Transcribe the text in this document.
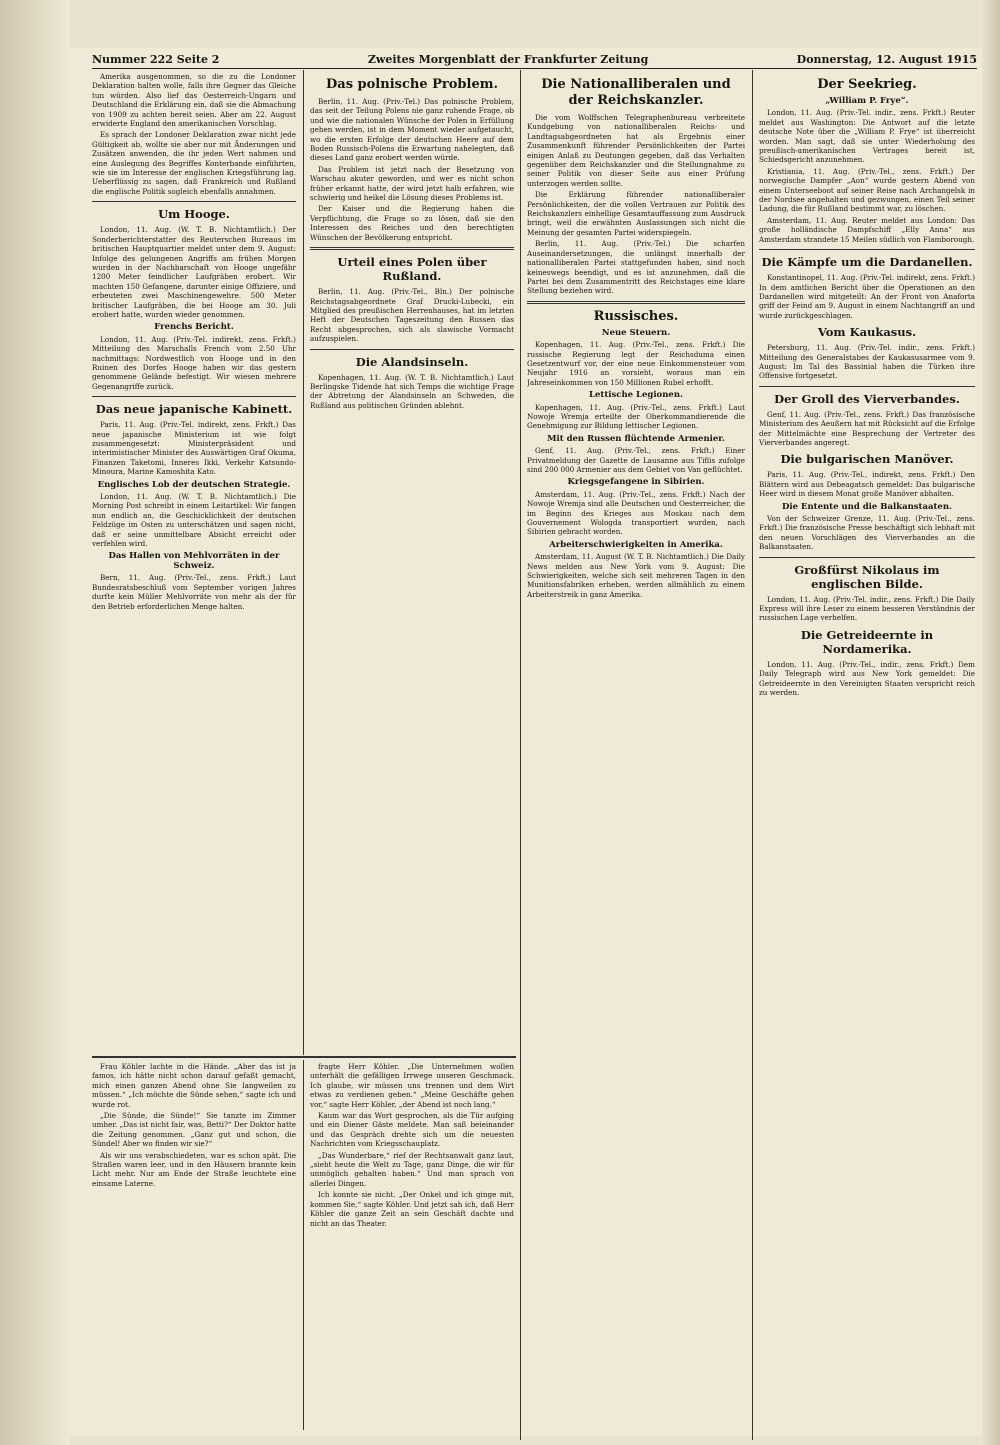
Nummer 222 Seite 2	Zweites Morgenblatt der Frankfurter Zeitung	Donnerstag, 12. August 1915

Amerika ausgenommen, so die zu die Londoner Deklaration halten wolle, falls ihre Gegner das Gleiche tun würden. Also lief das Oesterreich-Ungarn und Deutschland die Erklärung ein, daß sie die Abmachung von 1909 zu achten bereit seien. Aber am 22. August erwiderte England den amerikanischen Vorschlag.

Es sprach der Londoner Deklaration zwar nicht jede Gültigkeit ab, wollte sie aber nur mit Änderungen und Zusätzen anwenden, die ihr jeden Wert nahmen und eine Auslegung des Begriffes Konterbande einführten, wie sie im Interesse der englischen Kriegsführung lag. Ueberflüssig zu sagen, daß Frankreich und Rußland die englische Politik sogleich ebenfalls annahmen.

Um Hooge.

London, 11. Aug. (W. T. B. Nichtamtlich.) Der Sonderberichterstatter des Reuterschen Bureaus im britischen Hauptquartier meldet unter dem 9. August: Infolge des gelungenen Angriffs am frühen Morgen wurden in der Nachbarschaft von Hooge ungefähr 1200 Meter feindlicher Laufgräben erobert. Wir machten 150 Gefangene, darunter einige Offiziere, und erbeuteten zwei Maschinengewehre. 500 Meter britischer Laufgräben, die bei Hooge am 30. Juli erobert hatte, wurden wieder genommen.

Frenchs Bericht.

London, 11. Aug. (Priv.-Tel. indirekt, zens. Frkft.) Mitteilung des Marschalls French vom 2.50 Uhr nachmittags: Nordwestlich von Hooge und in den Ruinen des Dorfes Hooge haben wir das gestern genommene Gelände befestigt. Wir wiesen mehrere Gegenangriffe zurück.

Das neue japanische Kabinett.

Paris, 11. Aug. (Priv.-Tel. indirekt, zens. Frkft.) Das neue japanische Ministerium ist wie folgt zusammengesetzt: Ministerpräsident und interimistischer Minister des Auswärtigen Graf Okuma, Finanzen Taketomi, Inneres Ikki, Verkehr Katsundo-Minoura, Marine Kamoshita Kato.

Englisches Lob der deutschen Strategie.

London, 11. Aug. (W. T. B. Nichtamtlich.) Die Morning Post schreibt in einem Leitartikel: Wir fangen nun endlich an, die Geschicklichkeit der deutschen Feldzüge im Osten zu unterschätzen und sagen nicht, daß er seine unmittelbare Absicht erreicht oder verfehlen wird.

Das Hallen von Mehlvorräten in der Schweiz.

Bern, 11. Aug. (Priv.-Tel., zens. Frkft.) Laut Bundesratsbeschluß vom September vorigen Jahres durfte kein Müller Mehlvorräte von mehr als der für den Betrieb erforderlichen Menge halten.

Das polnische Problem.

Berlin, 11. Aug. (Priv.-Tel.) Das polnische Problem, das seit der Teilung Polens nie ganz ruhende Frage, ob und wie die nationalen Wünsche der Polen in Erfüllung gehen werden, ist in dem Moment wieder aufgetaucht, wo die ersten Erfolge der deutschen Heere auf dem Boden Russisch-Polens die Erwartung nahelegten, daß dieses Land ganz erobert werden würde.

Das Problem ist jetzt nach der Besetzung von Warschau akuter geworden, und wer es nicht schon früher erkannt hatte, der wird jetzt halb erfahren, wie schwierig und heikel die Lösung dieses Problems ist.

Der Kaiser und die Regierung haben die Verpflichtung, die Frage so zu lösen, daß sie den Interessen des Reiches und den berechtigten Wünschen der Bevölkerung entspricht.

Urteil eines Polen über Rußland.

Berlin, 11. Aug. (Priv.-Tel., Bln.) Der polnische Reichstagsabgeordnete Graf Drucki-Lubecki, ein Mitglied des preußischen Herrenhauses, hat im letzten Heft der Deutschen Tageszeitung den Russen das Recht abgesprochen, sich als slawische Vormacht aufzuspielen.

Die Alandsinseln.

Kopenhagen, 11. Aug. (W. T. B. Nichtamtlich.) Laut Berlingske Tidende hat sich Temps die wichtige Frage der Abtretung der Alandsinseln an Schweden, die Rußland aus politischen Gründen ablehnt.

Die Nationalliberalen und der Reichskanzler.

Die vom Wolffschen Telegraphenbureau verbreitete Kundgebung von nationalliberalen Reichs- und Landtagsabgeordneten hat als Ergebnis einer Zusammenkunft führender Persönlichkeiten der Partei einigen Anlaß zu Deutungen gegeben, daß das Verhalten gegenüber dem Reichskanzler und die Stellungnahme zu seiner Politik von dieser Seite aus einer Prüfung unterzogen werden sollte.

Die Erklärung führender nationalliberaler Persönlichkeiten, der die vollen Vertrauen zur Politik des Reichskanzlers einhellige Gesamtauffassung zum Ausdruck bringt, weil die erwähnten Auslassungen sich nicht die Meinung der gesamten Partei widerspiegeln.

Berlin, 11. Aug. (Priv.-Tel.) Die scharfen Auseinandersetzungen, die unlängst innerhalb der nationalliberalen Partei stattgefunden haben, sind noch keineswegs beendigt, und es ist anzunehmen, daß die Partei bei dem Zusammentritt des Reichstages eine klare Stellung beziehen wird.

Russisches.
Neue Steuern.

Kopenhagen, 11. Aug. (Priv.-Tel., zens. Frkft.) Die russische Regierung legt der Reichsduma einen Gesetzentwurf vor, der eine neue Einkommensteuer vom Neujahr 1916 an vorsieht, woraus man ein Jahreseinkommen von 150 Millionen Rubel erhofft.

Lettische Legionen.

Kopenhagen, 11. Aug. (Priv.-Tel., zens. Frkft.) Laut Nowoje Wremja erteilte der Oberkommandierende die Genehmigung zur Bildung lettischer Legionen.

Mit den Russen flüchtende Armenier.

Genf, 11. Aug. (Priv.-Tel., zens. Frkft.) Einer Privatmeldung der Gazette de Lausanne aus Tiflis zufolge sind 200 000 Armenier aus dem Gebiet von Van geflüchtet.

Kriegsgefangene in Sibirien.

Amsterdam, 11. Aug. (Priv.-Tel., zens. Frkft.) Nach der Nowoje Wremja sind alle Deutschen und Oesterreicher, die im Beginn des Krieges aus Moskau nach dem Gouvernement Wologda transportiert wurden, nach Sibirien gebracht worden.

Arbeiterschwierigkeiten in Amerika.

Amsterdam, 11. August (W. T. B. Nichtamtlich.) Die Daily News melden aus New York vom 9. August: Die Schwierigkeiten, welche sich seit mehreren Tagen in den Munitionsfabriken erheben, werden allmählich zu einem Arbeiterstreik in ganz Amerika.

Der Seekrieg.
„William P. Frye“.

London, 11. Aug. (Priv.-Tel. indir., zens. Frkft.) Reuter meldet aus Washington: Die Antwort auf die letzte deutsche Note über die „William P. Frye“ ist überreicht worden. Man sagt, daß sie unter Wiederholung des preußisch-amerikanischen Vertrages bereit ist, Schiedsgericht anzunehmen.

Kristiania, 11. Aug. (Priv.-Tel., zens. Frkft.) Der norwegische Dampfer „Aon“ wurde gestern Abend von einem Unterseeboot auf seiner Reise nach Archangelsk in der Nordsee angehalten und gezwungen, einen Teil seiner Ladung, die für Rußland bestimmt war, zu löschen.

Amsterdam, 11. Aug. Reuter meldet aus London: Das große holländische Dampfschiff „Elly Anna“ aus Amsterdam strandete 15 Meilen südlich von Flamborough.

Die Kämpfe um die Dardanellen.

Konstantinopel, 11. Aug. (Priv.-Tel. indirekt, zens. Frkft.) In dem amtlichen Bericht über die Operationen an den Dardanellen wird mitgeteilt: An der Front von Anaforta griff der Feind am 9. August in einem Nachtangriff an und wurde zurückgeschlagen.

Vom Kaukasus.

Petersburg, 11. Aug. (Priv.-Tel. indir., zens. Frkft.) Mitteilung des Generalstabes der Kaukasusarmee vom 9. August: Im Tal des Bassinial haben die Türken ihre Offensive fortgesetzt.

Der Groll des Vierverbandes.

Genf, 11. Aug. (Priv.-Tel., zens. Frkft.) Das französische Ministerium des Aeußern hat mit Rücksicht auf die Erfolge der Mittelmächte eine Besprechung der Vertreter des Vierverbandes angeregt.

Die bulgarischen Manöver.

Paris, 11. Aug. (Priv.-Tel., indirekt, zens. Frkft.) Den Blättern wird aus Debeagatsch gemeldet: Das bulgarische Heer wird in diesem Monat große Manöver abhalten.

Die Entente und die Balkanstaaten.

Von der Schweizer Grenze, 11. Aug. (Priv.-Tel., zens. Frkft.) Die französische Presse beschäftigt sich lebhaft mit den neuen Vorschlägen des Vierverbandes an die Balkanstaaten.

Großfürst Nikolaus im englischen Bilde.

London, 11. Aug. (Priv.-Tel. indir., zens. Frkft.) Die Daily Express will ihre Leser zu einem besseren Verständnis der russischen Lage verhelfen.

Die Getreideernte in Nordamerika.

London, 11. Aug. (Priv.-Tel., indir., zens. Frkft.) Dem Daily Telegraph wird aus New York gemeldet: Die Getreideernte in den Vereinigten Staaten verspricht reich zu werden.

Frau Köhler lachte in die Hände. „Aber das ist ja famos, ich hätte nicht schon darauf gefaßt gemacht, mich einen ganzen Abend ohne Sie langweilen zu müssen.“ „Ich möchte die Sünde sehen,“ sagte ich und wurde rot.

„Die Sünde, die Sünde!“ Sie tanzte im Zimmer umher. „Das ist nicht fair, was, Betti?“ Der Doktor hatte die Zeitung genommen. „Ganz gut und schon, die Sündel! Aber wo finden wir sie?“

Als wir uns verabschiedeten, war es schon spät. Die Straßen waren leer, und in den Häusern brannte kein Licht mehr. Nur am Ende der Straße leuchtete eine einsame Laterne.

fragte Herr Köhler. „Die Unternehmen wollen unterhält die gefälligen Irrwege unseren Geschmack. Ich glaube, wir müssen uns trennen und dem Wirt etwas zu verdienen geben.“ „Meine Geschäfte gehen vor,“ sagte Herr Köhler, „der Abend ist noch lang.“

Kaum war das Wort gesprochen, als die Tür aufging und ein Diener Gäste meldete. Man saß beieinander und das Gespräch drehte sich um die neuesten Nachrichten vom Kriegsschauplatz.

„Das Wunderbare,“ rief der Rechtsanwalt ganz laut, „sieht heute die Welt zu Tage, ganz Dinge, die wir für unmöglich gehalten haben.“ Und man sprach von allerlei Dingen.

Ich konnte sie nicht. „Der Onkel und ich ginge mit, kommen Sie,“ sagte Köhler. Und jetzt sah ich, daß Herr Köhler die ganze Zeit an sein Geschäft dachte und nicht an das Theater.
